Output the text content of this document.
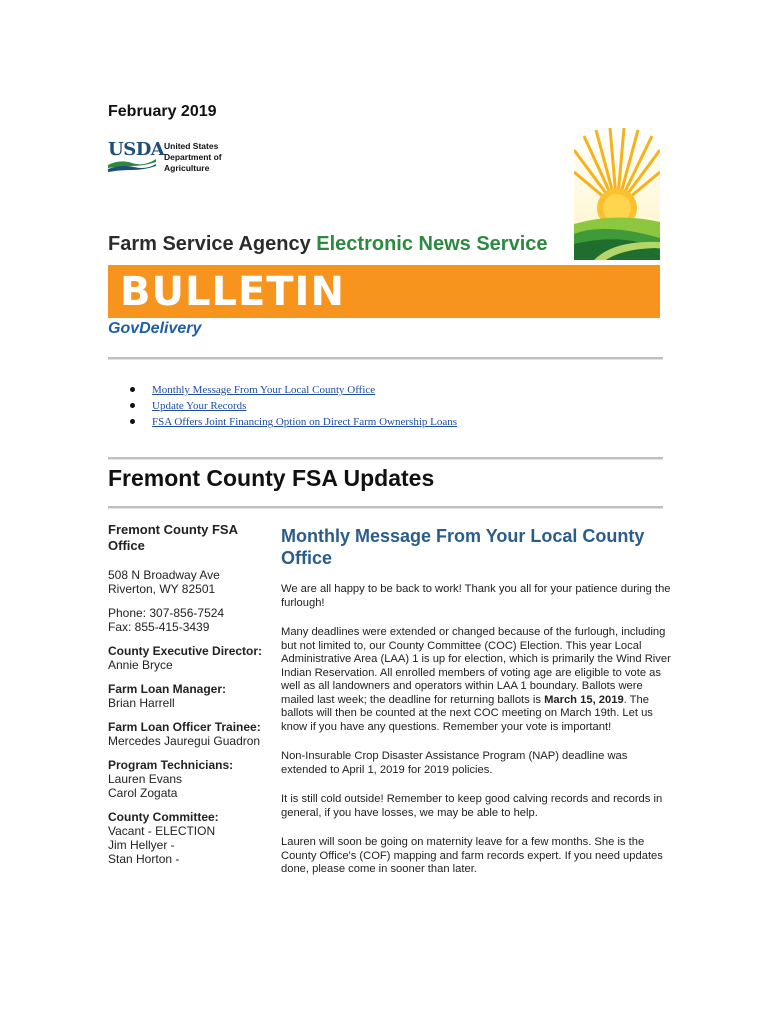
February 2019
USDA United States
Department of
Agriculture
Farm Service Agency Electronic News Service
BULLETIN
GovDelivery
Monthly Message From Your Local County Office
Update Your Records
FSA Offers Joint Financing Option on Direct Farm Ownership Loans
Fremont County FSA Updates
Fremont County FSA Office
508 N Broadway Ave
Riverton, WY 82501
Phone: 307-856-7524
Fax: 855-415-3439
County Executive Director:
Annie Bryce
Farm Loan Manager:
Brian Harrell
Farm Loan Officer Trainee:
Mercedes Jauregui Guadron
Program Technicians:
Lauren Evans
Carol Zogata
County Committee:
Vacant - ELECTION
Jim Hellyer -
Stan Horton -
Monthly Message From Your Local County Office

We are all happy to be back to work! Thank you all for your patience during the furlough!

Many deadlines were extended or changed because of the furlough, including but not limited to, our County Committee (COC) Election. This year Local Administrative Area (LAA) 1 is up for election, which is primarily the Wind River Indian Reservation. All enrolled members of voting age are eligible to vote as well as all landowners and operators within LAA 1 boundary. Ballots were mailed last week; the deadline for returning ballots is March 15, 2019. The ballots will then be counted at the next COC meeting on March 19th. Let us know if you have any questions. Remember your vote is important!

Non-Insurable Crop Disaster Assistance Program (NAP) deadline was extended to April 1, 2019 for 2019 policies.

It is still cold outside! Remember to keep good calving records and records in general, if you have losses, we may be able to help.

Lauren will soon be going on maternity leave for a few months. She is the County Office's (COF) mapping and farm records expert. If you need updates done, please come in sooner than later.
